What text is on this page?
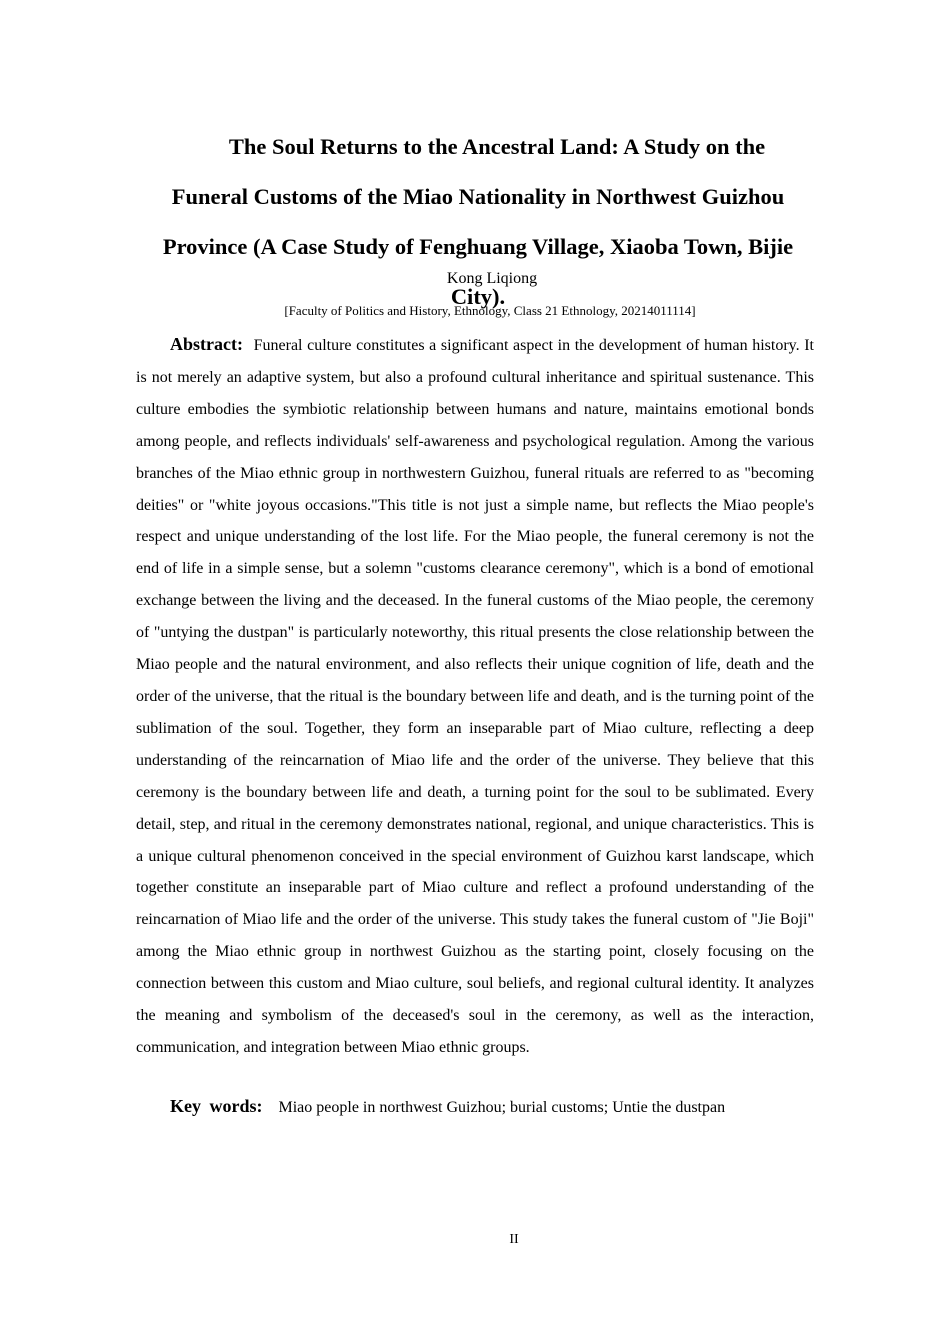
The Soul Returns to the Ancestral Land: A Study on the Funeral Customs of the Miao Nationality in Northwest Guizhou Province (A Case Study of Fenghuang Village, Xiaoba Town, Bijie City).
Kong Liqiong
[Faculty of Politics and History, Ethnology, Class 21 Ethnology, 20214011114]

Abstract: Funeral culture constitutes a significant aspect in the development of human history. It is not merely an adaptive system, but also a profound cultural inheritance and spiritual sustenance. This culture embodies the symbiotic relationship between humans and nature, maintains emotional bonds among people, and reflects individuals' self-awareness and psychological regulation. Among the various branches of the Miao ethnic group in northwestern Guizhou, funeral rituals are referred to as "becoming deities" or "white joyous occasions."This title is not just a simple name, but reflects the Miao people's respect and unique understanding of the lost life. For the Miao people, the funeral ceremony is not the end of life in a simple sense, but a solemn "customs clearance ceremony", which is a bond of emotional exchange between the living and the deceased. In the funeral customs of the Miao people, the ceremony of "untying the dustpan" is particularly noteworthy, this ritual presents the close relationship between the Miao people and the natural environment, and also reflects their unique cognition of life, death and the order of the universe, that the ritual is the boundary between life and death, and is the turning point of the sublimation of the soul. Together, they form an inseparable part of Miao culture, reflecting a deep understanding of the reincarnation of Miao life and the order of the universe. They believe that this ceremony is the boundary between life and death, a turning point for the soul to be sublimated. Every detail, step, and ritual in the ceremony demonstrates national, regional, and unique characteristics. This is a unique cultural phenomenon conceived in the special environment of Guizhou karst landscape, which together constitute an inseparable part of Miao culture and reflect a profound understanding of the reincarnation of Miao life and the order of the universe. This study takes the funeral custom of "Jie Boji" among the Miao ethnic group in northwest Guizhou as the starting point, closely focusing on the connection between this custom and Miao culture, soul beliefs, and regional cultural identity. It analyzes the meaning and symbolism of the deceased's soul in the ceremony, as well as the interaction, communication, and integration between Miao ethnic groups.

Key words: Miao people in northwest Guizhou; burial customs; Untie the dustpan
II
